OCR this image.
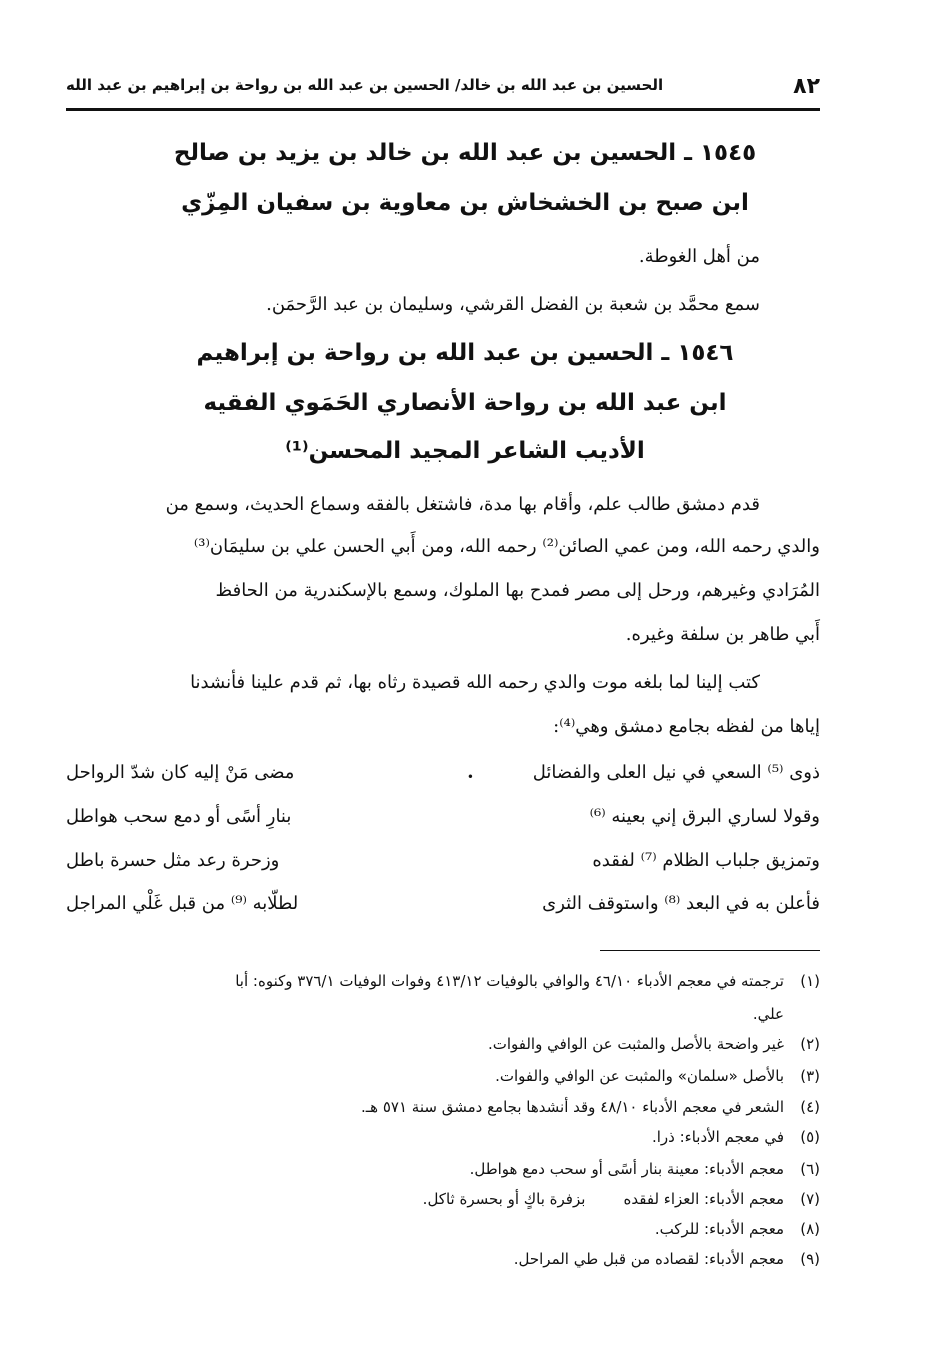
٨٢
الحسين بن عبد الله بن خالد/ الحسين بن عبد الله بن رواحة بن إبراهيم بن عبد الله
١٥٤٥ ـ الحسين بن عبد الله بن خالد بن يزيد بن صالح
ابن صبح بن الخشخاش بن معاوية بن سفيان المِزّي
من أهل الغوطة.
سمع محمَّد بن شعبة بن الفضل القرشي، وسليمان بن عبد الرَّحمَن.
١٥٤٦ ـ الحسين بن عبد الله بن رواحة بن إبراهيم
ابن عبد الله بن رواحة الأنصاري الحَمَوي الفقيه
الأديب الشاعر المجيد المحسن⁽¹⁾
قدم دمشق طالب علم، وأقام بها مدة، فاشتغل بالفقه وسماع الحديث، وسمع من
والدي رحمه الله، ومن عمي الصائن⁽²⁾ رحمه الله، ومن أَبي الحسن علي بن سليمَان⁽³⁾
المُرَادي وغيرهم، ورحل إلى مصر فمدح بها الملوك، وسمع بالإسكندرية من الحافظ
أَبي طاهر بن سلفة وغيره.
كتب إلينا لما بلغه موت والدي رحمه الله قصيدة رثاه بها، ثم قدم علينا فأنشدنا
إياها من لفظه بجامع دمشق وهي⁽⁴⁾:
•	ذوى ⁽⁵⁾ السعي في نيل العلى والفضائل
مضى مَنْ إليه كان شدّ الرواحل
وقولا لساري البرق إني بعينه ⁽⁶⁾
بنارِ أسًى أو دمع سحب هواطل
وتمزيق جلباب الظلام ⁽⁷⁾ لفقده
وزحرة رعد مثل حسرة باطل
فأعلن به في البعد ⁽⁸⁾ واستوقف الثرى
لطلّابه ⁽⁹⁾ من قبل غَلْي المراجل
(١)ترجمته في معجم الأدباء ٤٦/١٠ والوافي بالوفيات ٤١٣/١٢ وفوات الوفيات ٣٧٦/١ وكنوه: أبا
علي.
(٢)غير واضحة بالأصل والمثبت عن الوافي والفوات.
(٣)بالأصل «سلمان» والمثبت عن الوافي والفوات.
(٤)الشعر في معجم الأدباء ٤٨/١٠ وقد أنشدها بجامع دمشق سنة ٥٧١ هـ.
(٥)في معجم الأدباء: ذرا.
(٦)معجم الأدباء: معينة بنار أسًى أو سحب دمع هواطل.
(٧)معجم الأدباء: العزاء لفقده        بزفرة باكٍ أو بحسرة ثاكل.
(٨)معجم الأدباء: للركب.
(٩)معجم الأدباء: لقصاده من قبل طي المراحل.
